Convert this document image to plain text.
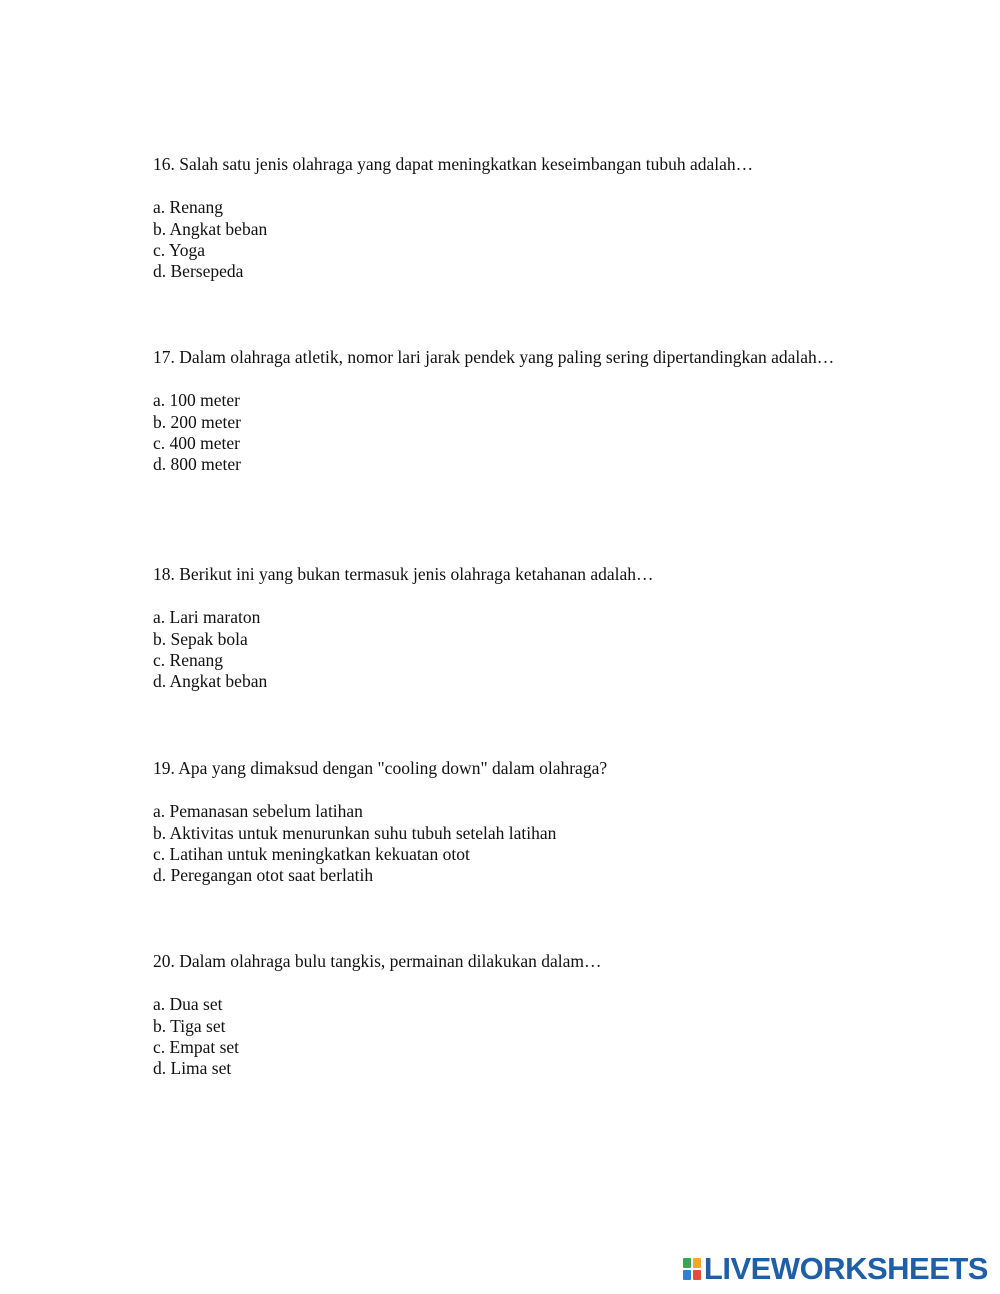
16. Salah satu jenis olahraga yang dapat meningkatkan keseimbangan tubuh adalah…

a. Renang
b. Angkat beban
c. Yoga
d. Bersepeda

17. Dalam olahraga atletik, nomor lari jarak pendek yang paling sering dipertandingkan adalah…

a. 100 meter
b. 200 meter
c. 400 meter
d. 800 meter

18. Berikut ini yang bukan termasuk jenis olahraga ketahanan adalah…

a. Lari maraton
b. Sepak bola
c. Renang
d. Angkat beban

19. Apa yang dimaksud dengan "cooling down" dalam olahraga?

a. Pemanasan sebelum latihan
b. Aktivitas untuk menurunkan suhu tubuh setelah latihan
c. Latihan untuk meningkatkan kekuatan otot
d. Peregangan otot saat berlatih

20. Dalam olahraga bulu tangkis, permainan dilakukan dalam…

a. Dua set
b. Tiga set
c. Empat set
d. Lima set
LIVEWORKSHEETS
